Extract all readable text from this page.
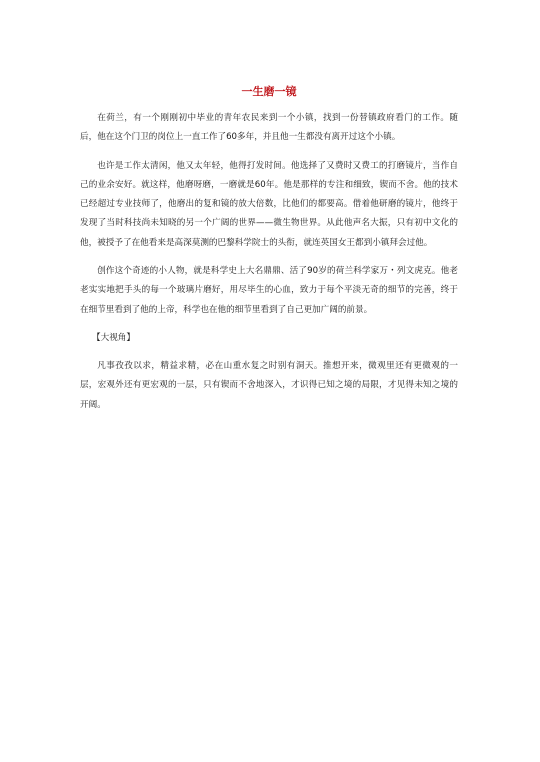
一生磨一镜

在荷兰，有一个刚刚初中毕业的青年农民来到一个小镇，找到一份替镇政府看门的工作。随后，他在这个门卫的岗位上一直工作了60多年，并且他一生都没有离开过这个小镇。

也许是工作太清闲，他又太年轻，他得打发时间。他选择了又费时又费工的打磨镜片，当作自己的业余安好。就这样，他磨呀磨，一磨就是60年。他是那样的专注和细致，锲而不舍。他的技术已经超过专业技师了，他磨出的复和镜的放大倍数，比他们的都要高。借着他研磨的镜片，他终于发现了当时科技尚未知晓的另一个广阔的世界——微生物世界。从此他声名大振，只有初中文化的他，被授予了在他看来是高深莫测的巴黎科学院士的头衔，就连英国女王都到小镇拜会过他。

创作这个奇迹的小人物，就是科学史上大名鼎鼎、活了90岁的荷兰科学家万・列文虎克。他老老实实地把手头的每一个玻璃片磨好，用尽毕生的心血，致力于每个平淡无奇的细节的完善，终于在细节里看到了他的上帝，科学也在他的细节里看到了自己更加广阔的前景。

【大视角】

凡事孜孜以求，精益求精，必在山重水复之时别有洞天。推想开来，微观里还有更微观的一层，宏观外还有更宏观的一层，只有锲而不舍地深入，才识得已知之境的局限，才见得未知之境的开阔。
